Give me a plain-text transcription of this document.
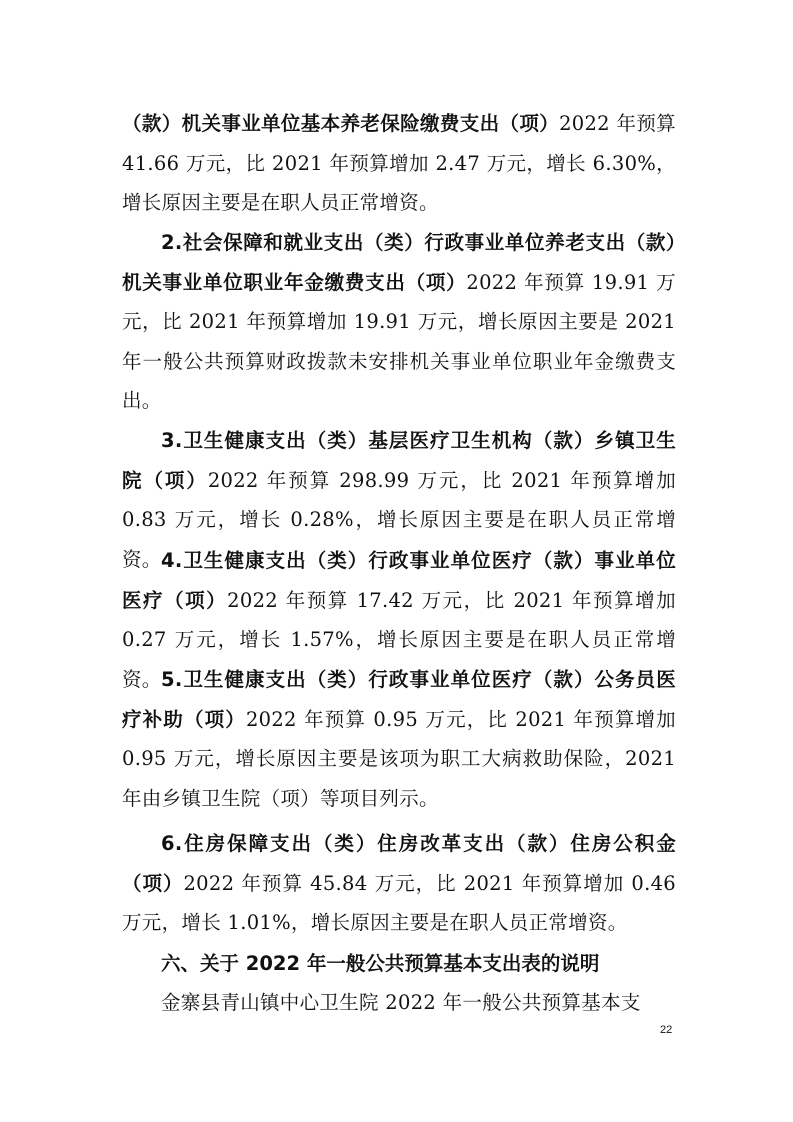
（款）机关事业单位基本养老保险缴费支出（项）2022 年预算 41.66 万元，比 2021 年预算增加 2.47 万元，增长 6.30%，增长原因主要是在职人员正常增资。

2.社会保障和就业支出（类）行政事业单位养老支出（款）机关事业单位职业年金缴费支出（项）2022 年预算 19.91 万元，比 2021 年预算增加 19.91 万元，增长原因主要是 2021 年一般公共预算财政拨款未安排机关事业单位职业年金缴费支出。

3.卫生健康支出（类）基层医疗卫生机构（款）乡镇卫生院（项）2022 年预算 298.99 万元，比 2021 年预算增加 0.83 万元，增长 0.28%，增长原因主要是在职人员正常增资。 4.卫生健康支出（类）行政事业单位医疗（款）事业单位医疗（项）2022 年预算 17.42 万元，比 2021 年预算增加 0.27 万元，增长 1.57%，增长原因主要是在职人员正常增资。 5.卫生健康支出（类）行政事业单位医疗（款）公务员医疗补助（项）2022 年预算 0.95 万元，比 2021 年预算增加 0.95 万元，增长原因主要是该项为职工大病救助保险，2021 年由乡镇卫生院（项）等项目列示。

6.住房保障支出（类）住房改革支出（款）住房公积金（项）2022 年预算 45.84 万元，比 2021 年预算增加 0.46 万元，增长 1.01%，增长原因主要是在职人员正常增资。

六、关于 2022 年一般公共预算基本支出表的说明

金寨县青山镇中心卫生院 2022 年一般公共预算基本支

22
